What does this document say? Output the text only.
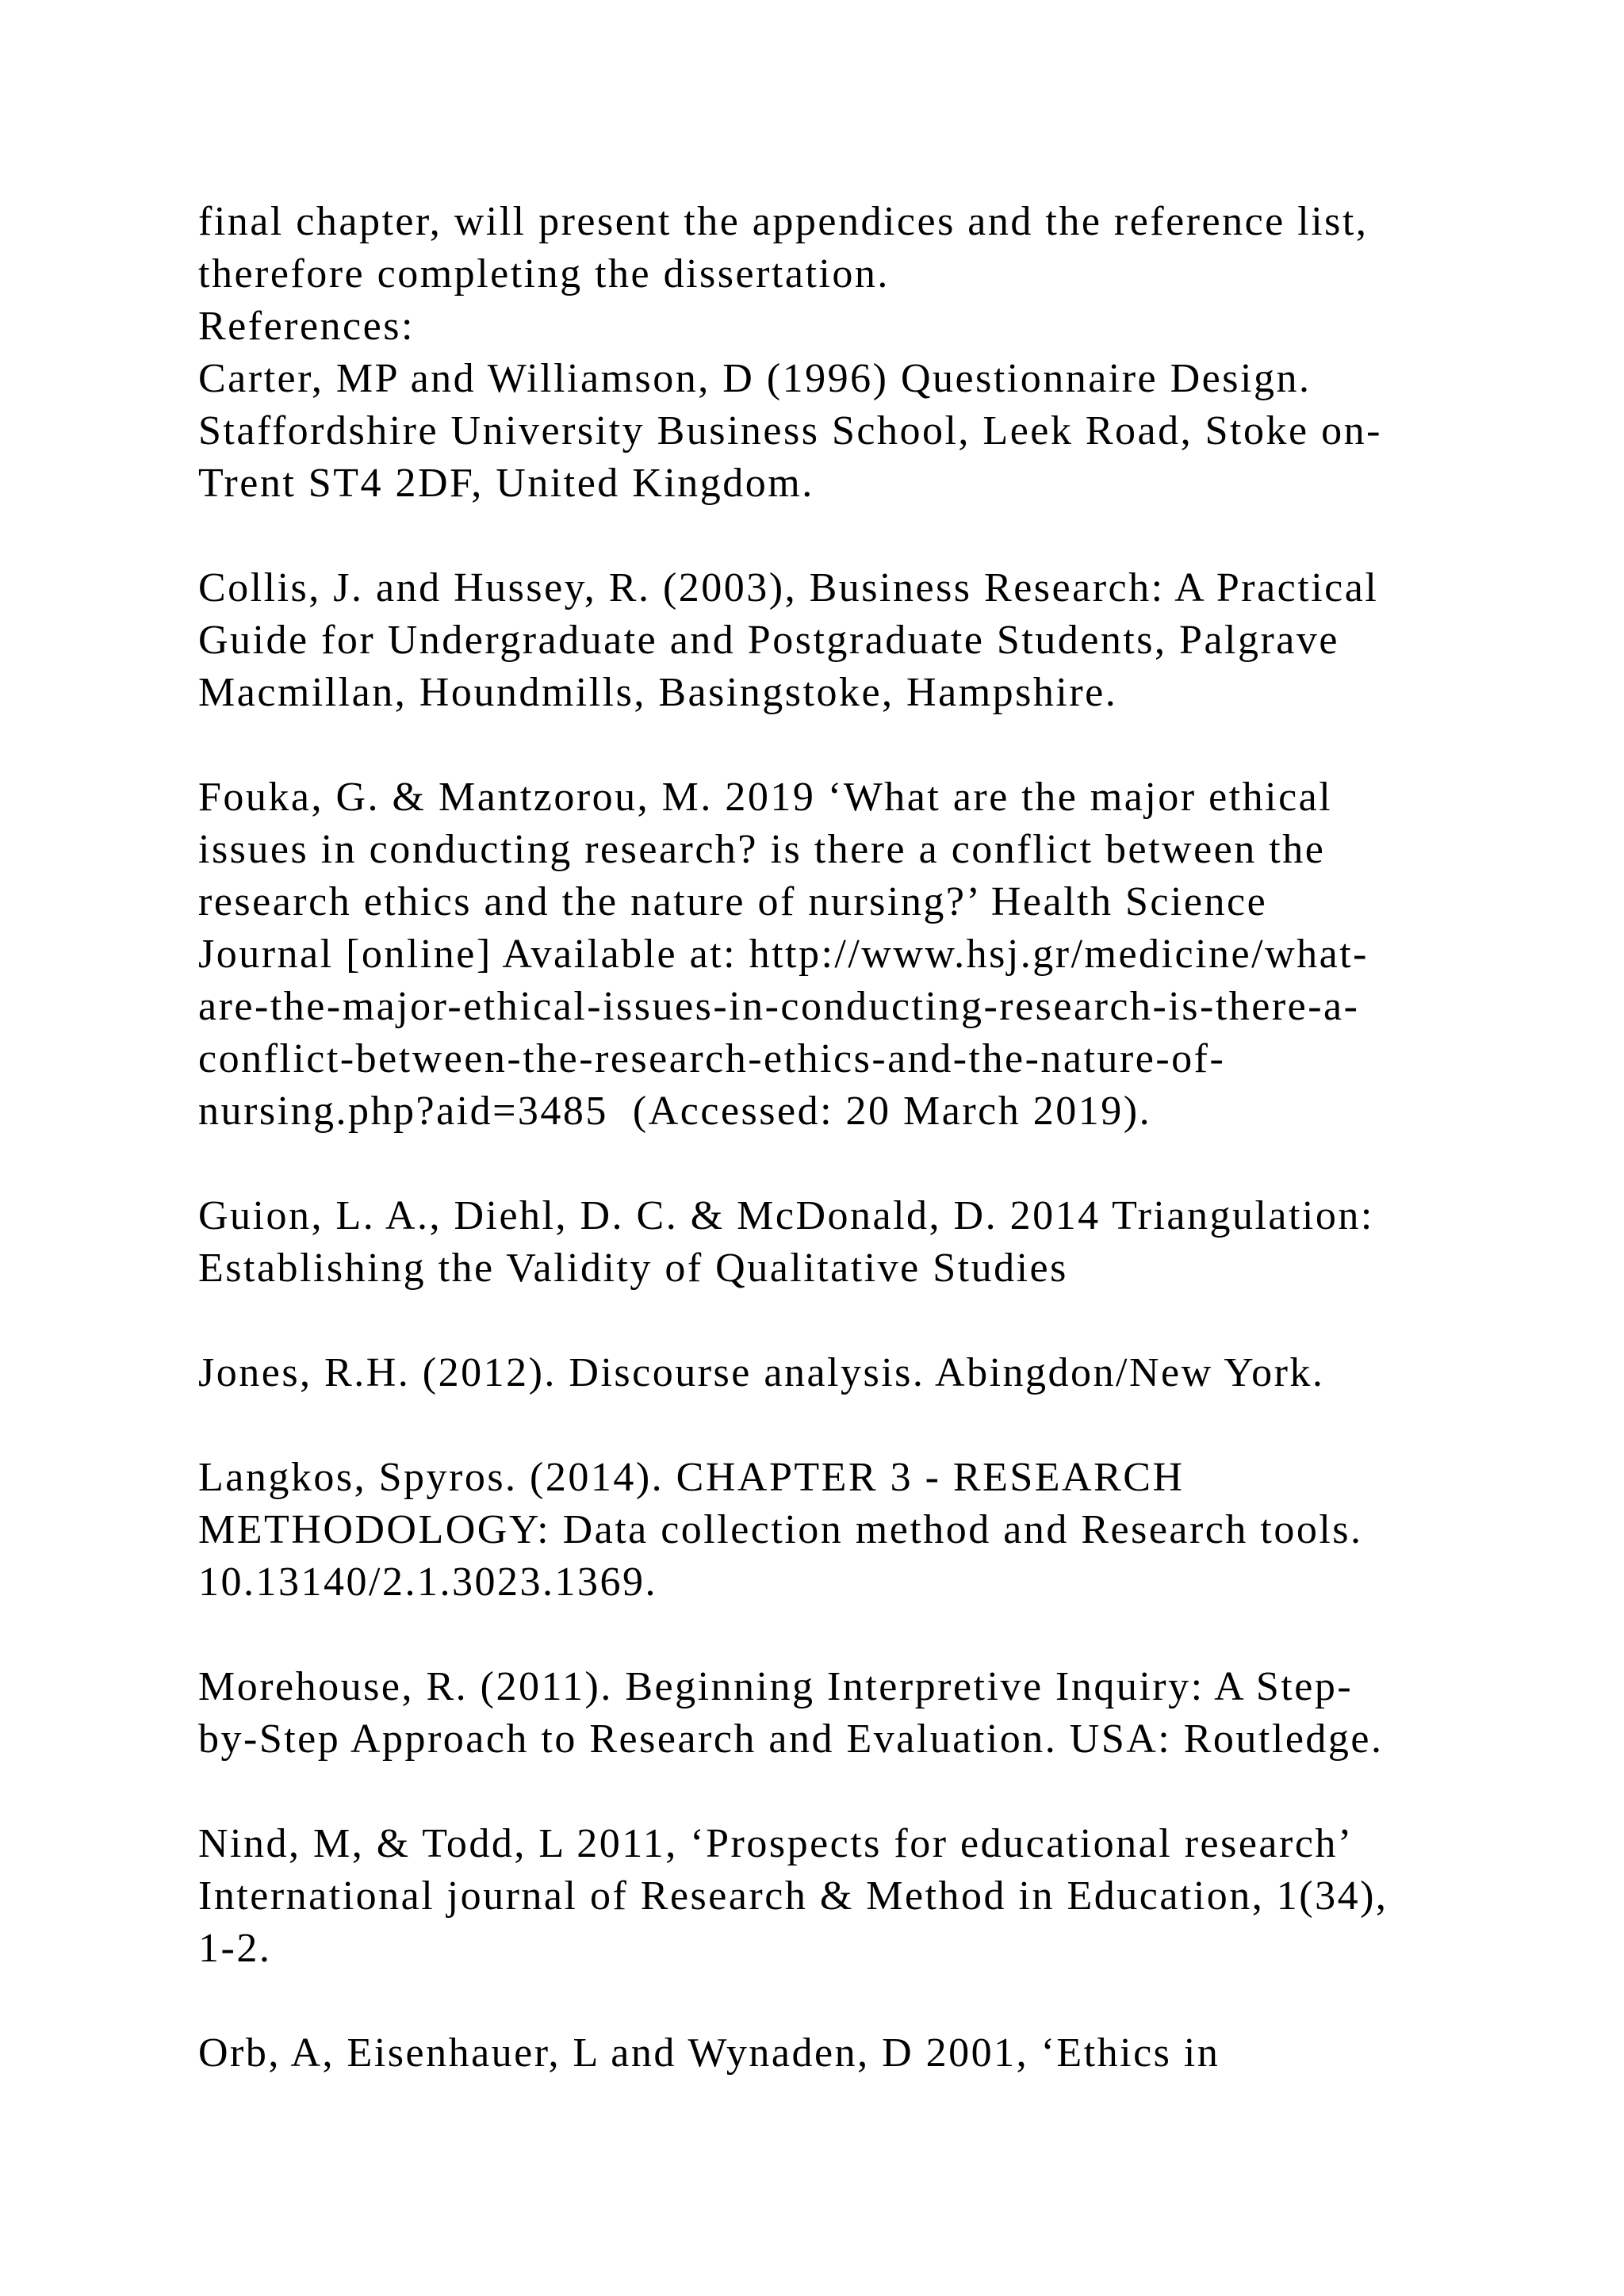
final chapter, will present the appendices and the reference list,
therefore completing the dissertation.
References:
Carter, MP and Williamson, D (1996) Questionnaire Design.
Staffordshire University Business School, Leek Road, Stoke on-
Trent ST4 2DF, United Kingdom.
Collis, J. and Hussey, R. (2003), Business Research: A Practical
Guide for Undergraduate and Postgraduate Students, Palgrave
Macmillan, Houndmills, Basingstoke, Hampshire.
Fouka, G. & Mantzorou, M. 2019 ‘What are the major ethical
issues in conducting research? is there a conflict between the
research ethics and the nature of nursing?’ Health Science
Journal [online] Available at: http://www.hsj.gr/medicine/what-
are-the-major-ethical-issues-in-conducting-research-is-there-a-
conflict-between-the-research-ethics-and-the-nature-of-
nursing.php?aid=3485  (Accessed: 20 March 2019).
Guion, L. A., Diehl, D. C. & McDonald, D. 2014 Triangulation:
Establishing the Validity of Qualitative Studies
Jones, R.H. (2012). Discourse analysis. Abingdon/New York.
Langkos, Spyros. (2014). CHAPTER 3 - RESEARCH
METHODOLOGY: Data collection method and Research tools.
10.13140/2.1.3023.1369.
Morehouse, R. (2011). Beginning Interpretive Inquiry: A Step-
by-Step Approach to Research and Evaluation. USA: Routledge.
Nind, M, & Todd, L 2011, ‘Prospects for educational research’
International journal of Research & Method in Education, 1(34),
1-2.
Orb, A, Eisenhauer, L and Wynaden, D 2001, ‘Ethics in
